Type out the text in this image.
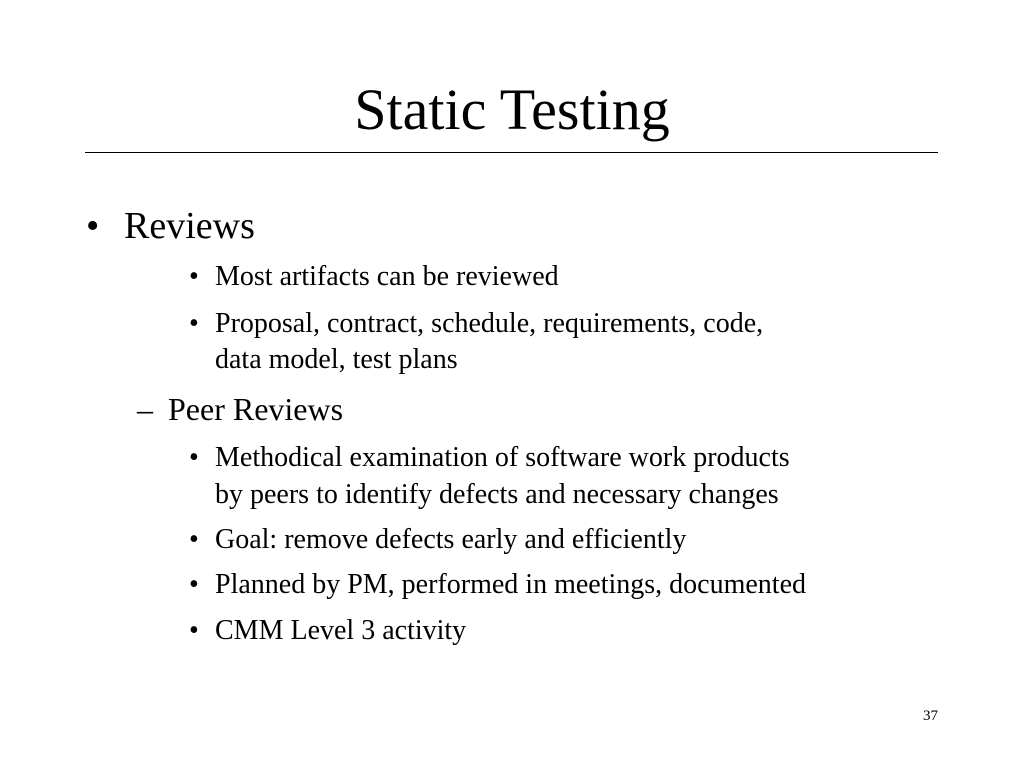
Static Testing
• Reviews
• Most artifacts can be reviewed
• Proposal, contract, schedule, requirements, code,
data model, test plans
– Peer Reviews
• Methodical examination of software work products
by peers to identify defects and necessary changes
• Goal: remove defects early and efficiently
• Planned by PM, performed in meetings, documented
• CMM Level 3 activity
37
